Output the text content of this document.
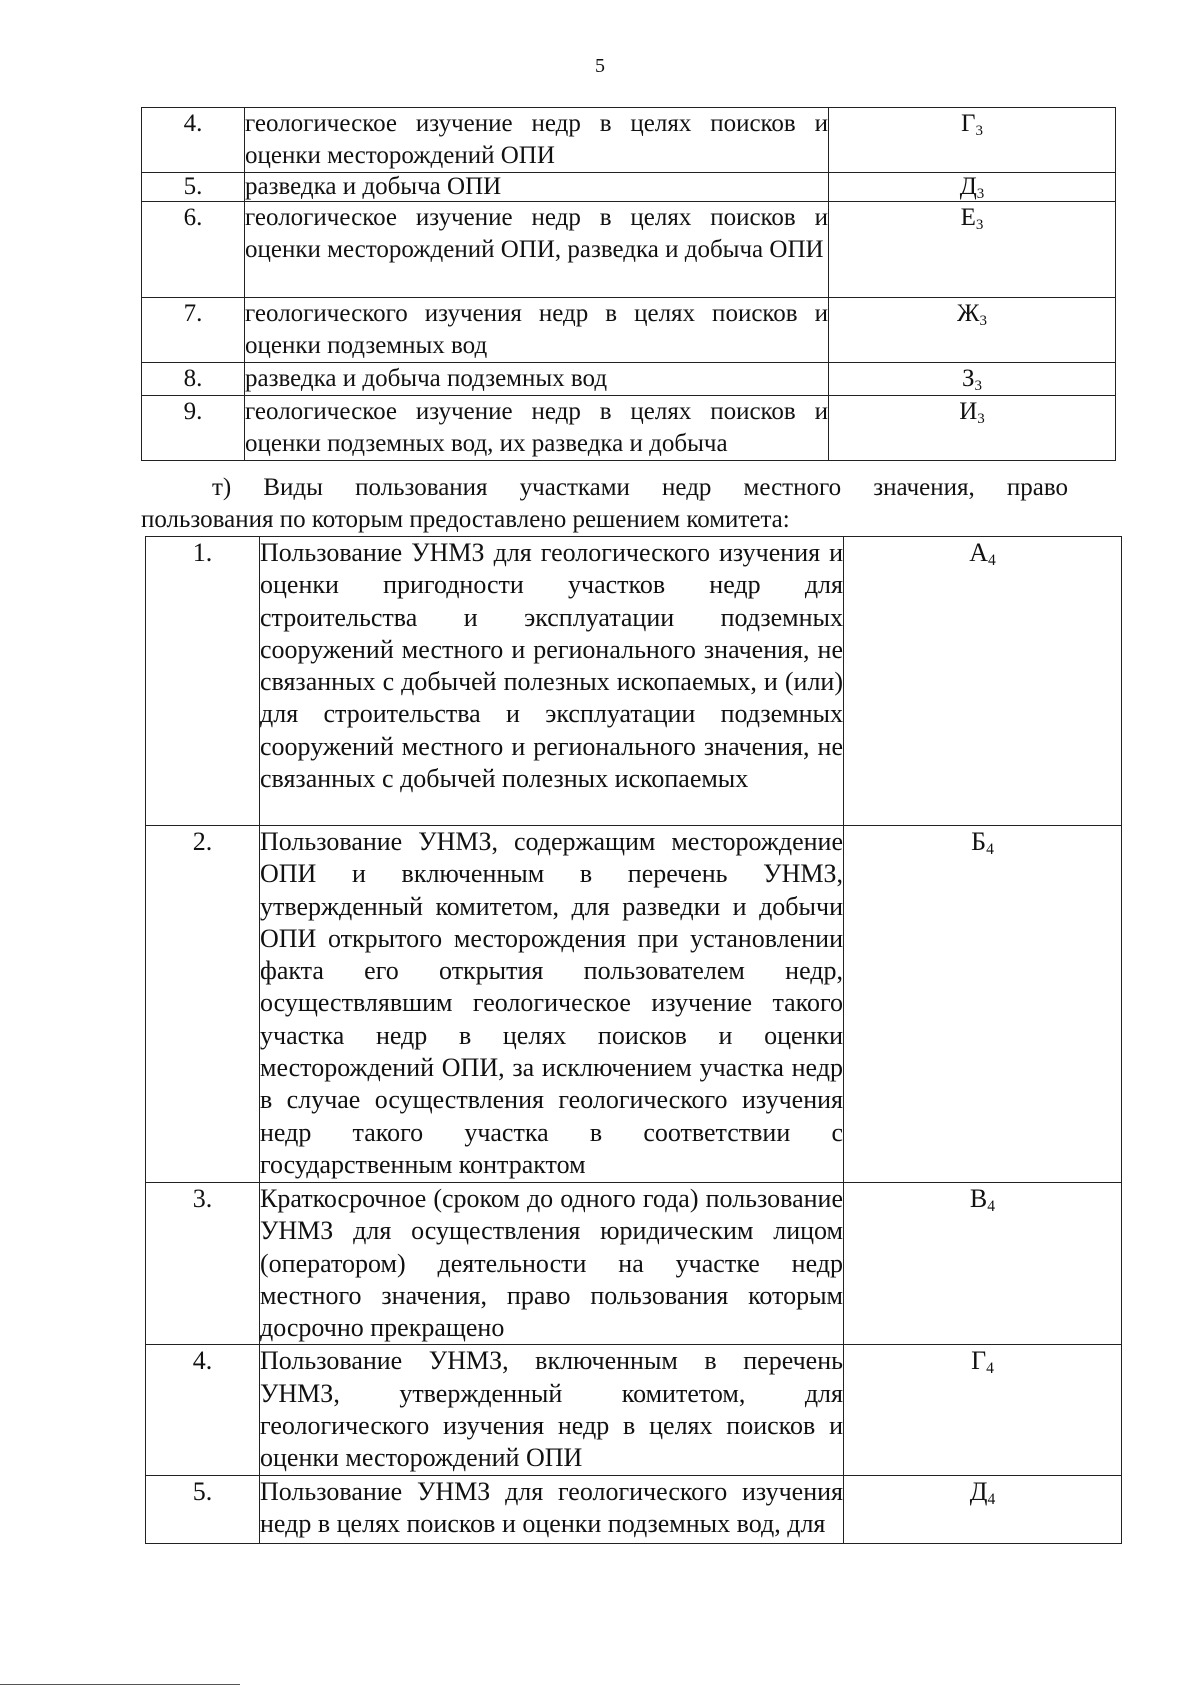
5
4.	геологическое изучение недр в целях поисков и оценки месторождений ОПИ	$Г_3$
5.	разведка и добыча ОПИ	$Д_3$
6.	геологическое изучение недр в целях поисков и оценки месторождений ОПИ, разведка и добыча ОПИ	$Е_3$
7.	геологического изучения недр в целях поисков и оценки подземных вод	$Ж_3$
8.	разведка и добыча подземных вод	$З_3$
9.	геологическое изучение недр в целях поисков и оценки подземных вод, их разведка и добыча	$И_3$
т) Виды пользования участками недр местного значения, право
пользования по которым предоставлено решением комитета:
1.	Пользование УНМЗ для геологического изучения и оценки пригодности участков недр для строительства и эксплуатации подземных сооружений местного и регионального значения, не связанных с добычей полезных ископаемых, и (или) для строительства и эксплуатации подземных сооружений местного и регионального значения, не связанных с добычей полезных ископаемых	$А_4$
2.	Пользование УНМЗ, содержащим месторождение ОПИ и включенным в перечень УНМЗ, утвержденный комитетом, для разведки и добычи ОПИ открытого месторождения при установлении факта его открытия пользователем недр, осуществлявшим геологическое изучение такого участка недр в целях поисков и оценки месторождений ОПИ, за исключением участка недр в случае осуществления геологического изучения недр такого участка в соответствии с государственным контрактом	$Б_4$
3.	Краткосрочное (сроком до одного года) пользование УНМЗ для осуществления юридическим лицом (оператором) деятельности на участке недр местного значения, право пользования которым досрочно прекращено	$В_4$
4.	Пользование УНМЗ, включенным в перечень УНМЗ, утвержденный комитетом, для геологического изучения недр в целях поисков и оценки месторождений ОПИ	$Г_4$
5.	Пользование УНМЗ для геологического изучения недр в целях поисков и оценки подземных вод, для	$Д_4$
